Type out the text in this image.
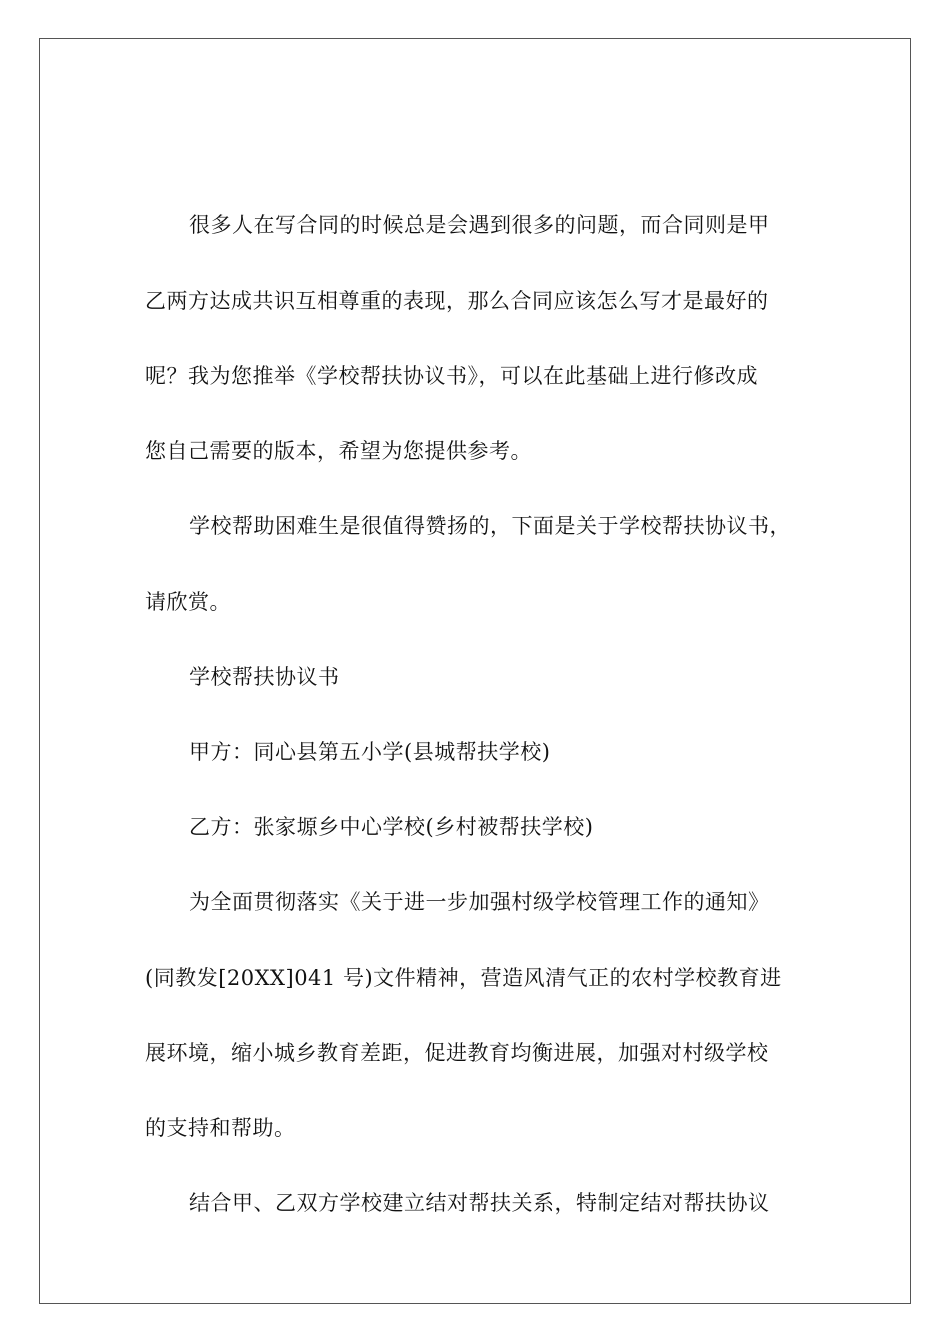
很多人在写合同的时候总是会遇到很多的问题，而合同则是甲
乙两方达成共识互相尊重的表现，那么合同应该怎么写才是最好的
呢？我为您推举《学校帮扶协议书》，可以在此基础上进行修改成
您自己需要的版本，希望为您提供参考。
学校帮助困难生是很值得赞扬的，下面是关于学校帮扶协议书，
请欣赏。
学校帮扶协议书
甲方：同心县第五小学(县城帮扶学校)
乙方：张家塬乡中心学校(乡村被帮扶学校)
为全面贯彻落实《关于进一步加强村级学校管理工作的通知》
(同教发[20XX]041 号)文件精神，营造风清气正的农村学校教育进
展环境，缩小城乡教育差距，促进教育均衡进展，加强对村级学校
的支持和帮助。
结合甲、乙双方学校建立结对帮扶关系，特制定结对帮扶协议
